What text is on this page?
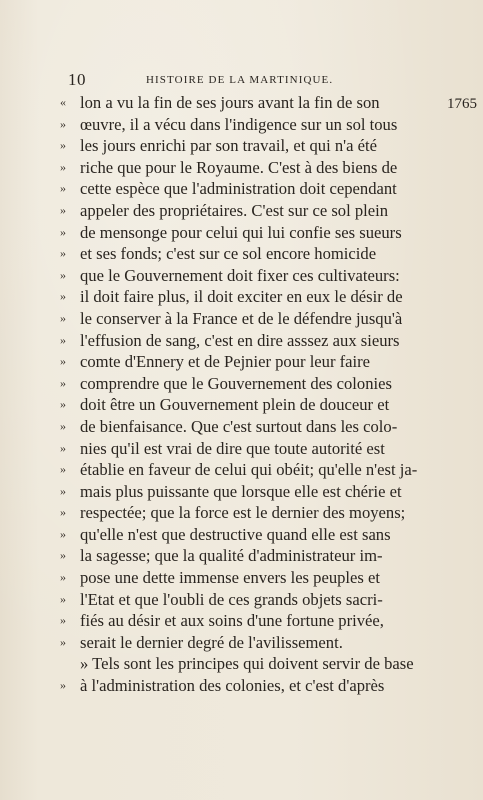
10	HISTOIRE DE LA MARTINIQUE.
1765
« lon a vu la fin de ses jours avant la fin de son
» œuvre, il a vécu dans l'indigence sur un sol tous
» les jours enrichi par son travail, et qui n'a été
» riche que pour le Royaume. C'est à des biens de
» cette espèce que l'administration doit cependant
» appeler des propriétaires. C'est sur ce sol plein
» de mensonge pour celui qui lui confie ses sueurs
» et ses fonds; c'est sur ce sol encore homicide
» que le Gouvernement doit fixer ces cultivateurs:
» il doit faire plus, il doit exciter en eux le désir de
» le conserver à la France et de le défendre jusqu'à
» l'effusion de sang, c'est en dire asssez aux sieurs
» comte d'Ennery et de Pejnier pour leur faire
» comprendre que le Gouvernement des colonies
» doit être un Gouvernement plein de douceur et
» de bienfaisance. Que c'est surtout dans les colo-
» nies qu'il est vrai de dire que toute autorité est
» établie en faveur de celui qui obéit; qu'elle n'est ja-
» mais plus puissante que lorsque elle est chérie et
» respectée; que la force est le dernier des moyens;
» qu'elle n'est que destructive quand elle est sans
» la sagesse; que la qualité d'administrateur im-
» pose une dette immense envers les peuples et
» l'Etat et que l'oubli de ces grands objets sacri-
» fiés au désir et aux soins d'une fortune privée,
» serait le dernier degré de l'avilissement.
» Tels sont les principes qui doivent servir de base
» à l'administration des colonies, et c'est d'après
